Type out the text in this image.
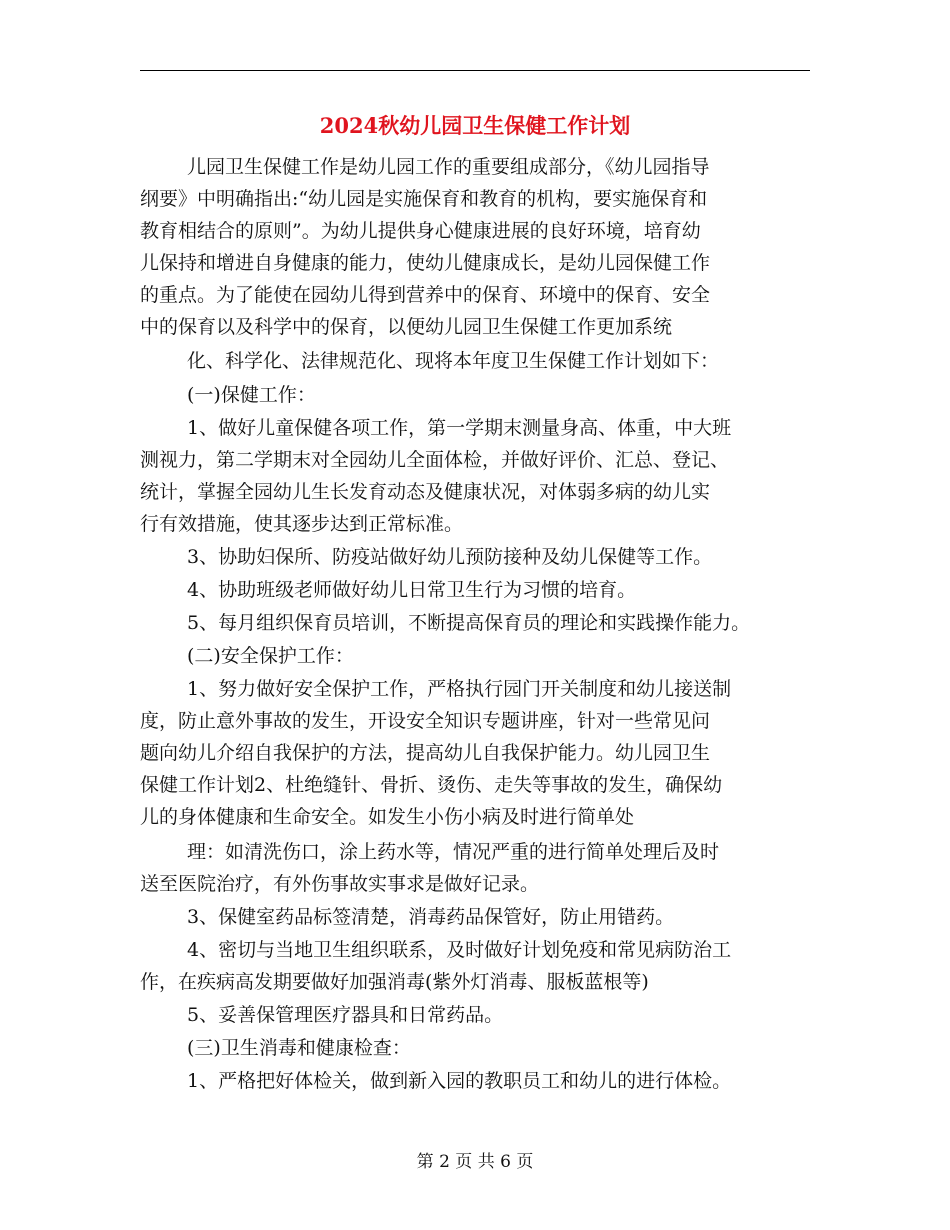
2024秋幼儿园卫生保健工作计划
儿园卫生保健工作是幼儿园工作的重要组成部分，《幼儿园指导
纲要》中明确指出:“幼儿园是实施保育和教育的机构，要实施保育和
教育相结合的原则”。为幼儿提供身心健康进展的良好环境，培育幼
儿保持和增进自身健康的能力，使幼儿健康成长，是幼儿园保健工作
的重点。为了能使在园幼儿得到营养中的保育、环境中的保育、安全
中的保育以及科学中的保育，以便幼儿园卫生保健工作更加系统
化、科学化、法律规范化、现将本年度卫生保健工作计划如下：
(一)保健工作：
1、做好儿童保健各项工作，第一学期末测量身高、体重，中大班
测视力，第二学期末对全园幼儿全面体检，并做好评价、汇总、登记、
统计，掌握全园幼儿生长发育动态及健康状况，对体弱多病的幼儿实
行有效措施，使其逐步达到正常标准。
3、协助妇保所、防疫站做好幼儿预防接种及幼儿保健等工作。
4、协助班级老师做好幼儿日常卫生行为习惯的培育。
5、每月组织保育员培训，不断提高保育员的理论和实践操作能力。
(二)安全保护工作：
1、努力做好安全保护工作，严格执行园门开关制度和幼儿接送制
度，防止意外事故的发生，开设安全知识专题讲座，针对一些常见问
题向幼儿介绍自我保护的方法，提高幼儿自我保护能力。幼儿园卫生
保健工作计划2、杜绝缝针、骨折、烫伤、走失等事故的发生，确保幼
儿的身体健康和生命安全。如发生小伤小病及时进行简单处
理：如清洗伤口，涂上药水等，情况严重的进行简单处理后及时
送至医院治疗，有外伤事故实事求是做好记录。
3、保健室药品标签清楚，消毒药品保管好，防止用错药。
4、密切与当地卫生组织联系，及时做好计划免疫和常见病防治工
作，在疾病高发期要做好加强消毒(紫外灯消毒、服板蓝根等)
5、妥善保管理医疗器具和日常药品。
(三)卫生消毒和健康检查：
1、严格把好体检关，做到新入园的教职员工和幼儿的进行体检。
第 2 页 共 6 页
